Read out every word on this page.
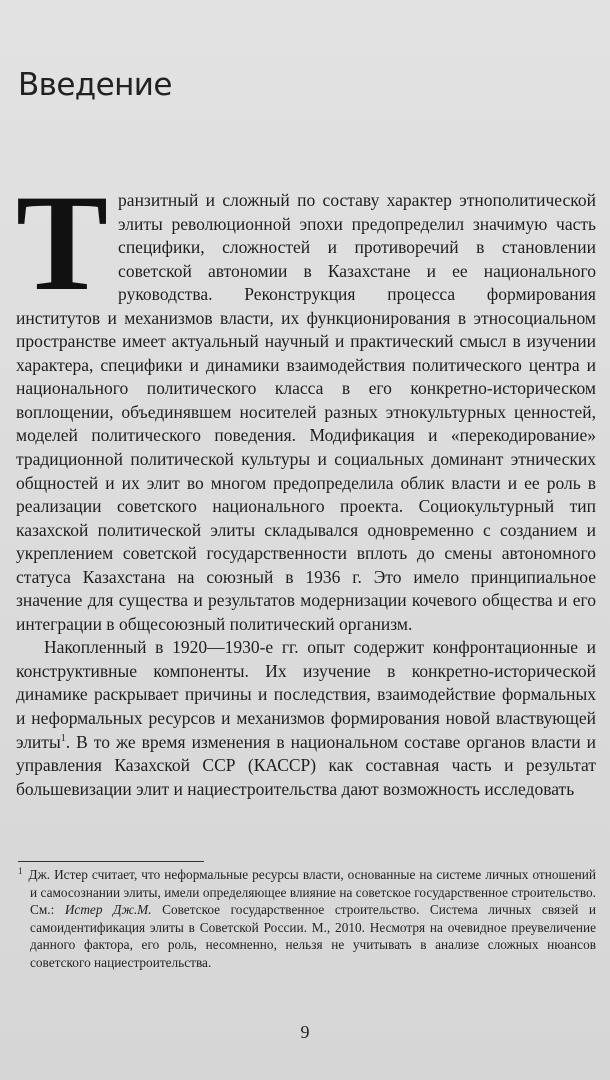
Введение

Транзитный и сложный по составу характер этнополитической элиты революционной эпохи предопределил значимую часть специфики, сложностей и противоречий в становлении советской автономии в Казахстане и ее национального руководства. Реконструкция процесса формирования институтов и механизмов власти, их функционирования в этносоциальном пространстве имеет актуальный научный и практический смысл в изучении характера, специфики и динамики взаимодействия политического центра и национального политического класса в его конкретно-историческом воплощении, объединявшем носителей разных этнокультурных ценностей, моделей политического поведения. Модификация и «перекодирование» традиционной политической культуры и социальных доминант этнических общностей и их элит во многом предопределила облик власти и ее роль в реализации советского национального проекта. Социокультурный тип казахской политической элиты складывался одновременно с созданием и укреплением советской государственности вплоть до смены автономного статуса Казахстана на союзный в 1936 г. Это имело принципиальное значение для существа и результатов модернизации кочевого общества и его интеграции в общесоюзный политический организм.

Накопленный в 1920—1930-е гг. опыт содержит конфронтационные и конструктивные компоненты. Их изучение в конкретно-исторической динамике раскрывает причины и последствия, взаимодействие формальных и неформальных ресурсов и механизмов формирования новой властвующей элиты$^1$. В то же время изменения в национальном составе органов власти и управления Казахской ССР (КАССР) как составная часть и результат большевизации элит и нациестроительства дают возможность исследовать

$^1$ Дж. Истер считает, что неформальные ресурсы власти, основанные на системе личных отношений и самосознании элиты, имели определяющее влияние на советское государственное строительство. См.: Истер Дж.М. Советское государственное строительство. Система личных связей и самоидентификация элиты в Советской России. М., 2010. Несмотря на очевидное преувеличение данного фактора, его роль, несомненно, нельзя не учитывать в анализе сложных нюансов советского нациестроительства.
9
